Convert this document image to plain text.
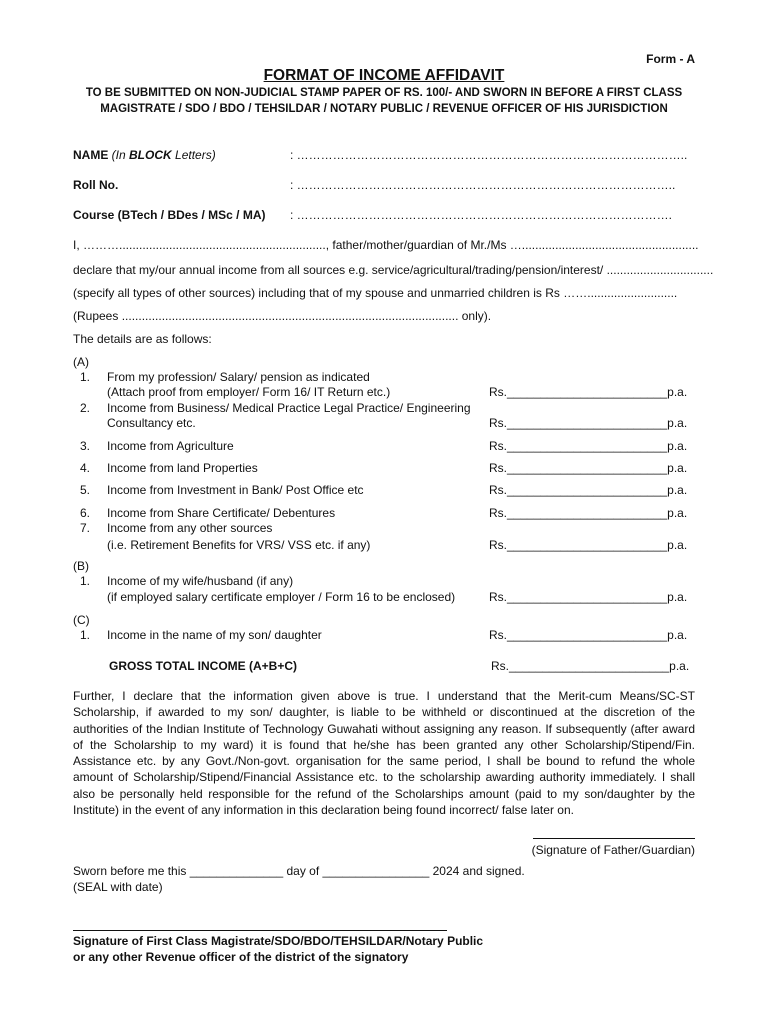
Form - A
FORMAT OF INCOME AFFIDAVIT
TO BE SUBMITTED ON NON-JUDICIAL STAMP PAPER OF RS. 100/- AND SWORN IN BEFORE A FIRST CLASS
MAGISTRATE / SDO / BDO / TEHSILDAR / NOTARY PUBLIC / REVENUE OFFICER OF HIS JURISDICTION
NAME (In BLOCK Letters)	: ……………………………………………………………………………………..
Roll No.	: …………………………………………………………………………………..
Course (BTech / BDes / MSc / MA) : ………………………………………………………………………………….
I, ……….............................................................., father/mother/guardian of Mr./Ms ….....................................................
declare that my/our annual income from all sources e.g. service/agricultural/trading/pension/interest/ ................................
(specify all types of other sources) including that of my spouse and unmarried children is Rs ……...........................
(Rupees ..................................................................................................... only).
The details are as follows:
(A)
1. From my profession/ Salary/ pension as indicated
(Attach proof from employer/ Form 16/ IT Return etc.)	Rs.________________________p.a.
2. Income from Business/ Medical Practice Legal Practice/ Engineering
Consultancy etc.	Rs.________________________p.a.
3. Income from Agriculture	Rs.________________________p.a.
4. Income from land Properties	Rs.________________________p.a.
5. Income from Investment in Bank/ Post Office etc	Rs.________________________p.a.
6. Income from Share Certificate/ Debentures	Rs.________________________p.a.
7. Income from any other sources
(i.e. Retirement Benefits for VRS/ VSS etc. if any)	Rs.________________________p.a.
(B)
1. Income of my wife/husband (if any)
(if employed salary certificate employer / Form 16 to be enclosed)	Rs.________________________p.a.
(C)
1. Income in the name of my son/ daughter	Rs.________________________p.a.
GROSS TOTAL INCOME (A+B+C)	Rs.________________________p.a.
Further, I declare that the information given above is true. I understand that the Merit-cum Means/SC-ST Scholarship, if awarded to my son/ daughter, is liable to be withheld or discontinued at the discretion of the authorities of the Indian Institute of Technology Guwahati without assigning any reason. If subsequently (after award of the Scholarship to my ward) it is found that he/she has been granted any other Scholarship/Stipend/Fin. Assistance etc. by any Govt./Non-govt. organisation for the same period, I shall be bound to refund the whole amount of Scholarship/Stipend/Financial Assistance etc. to the scholarship awarding authority immediately. I shall also be personally held responsible for the refund of the Scholarships amount (paid to my son/daughter by the Institute) in the event of any information in this declaration being found incorrect/ false later on.
(Signature of Father/Guardian)
Sworn before me this ______________ day of ________________ 2024 and signed.
(SEAL with date)
Signature of First Class Magistrate/SDO/BDO/TEHSILDAR/Notary Public
or any other Revenue officer of the district of the signatory
